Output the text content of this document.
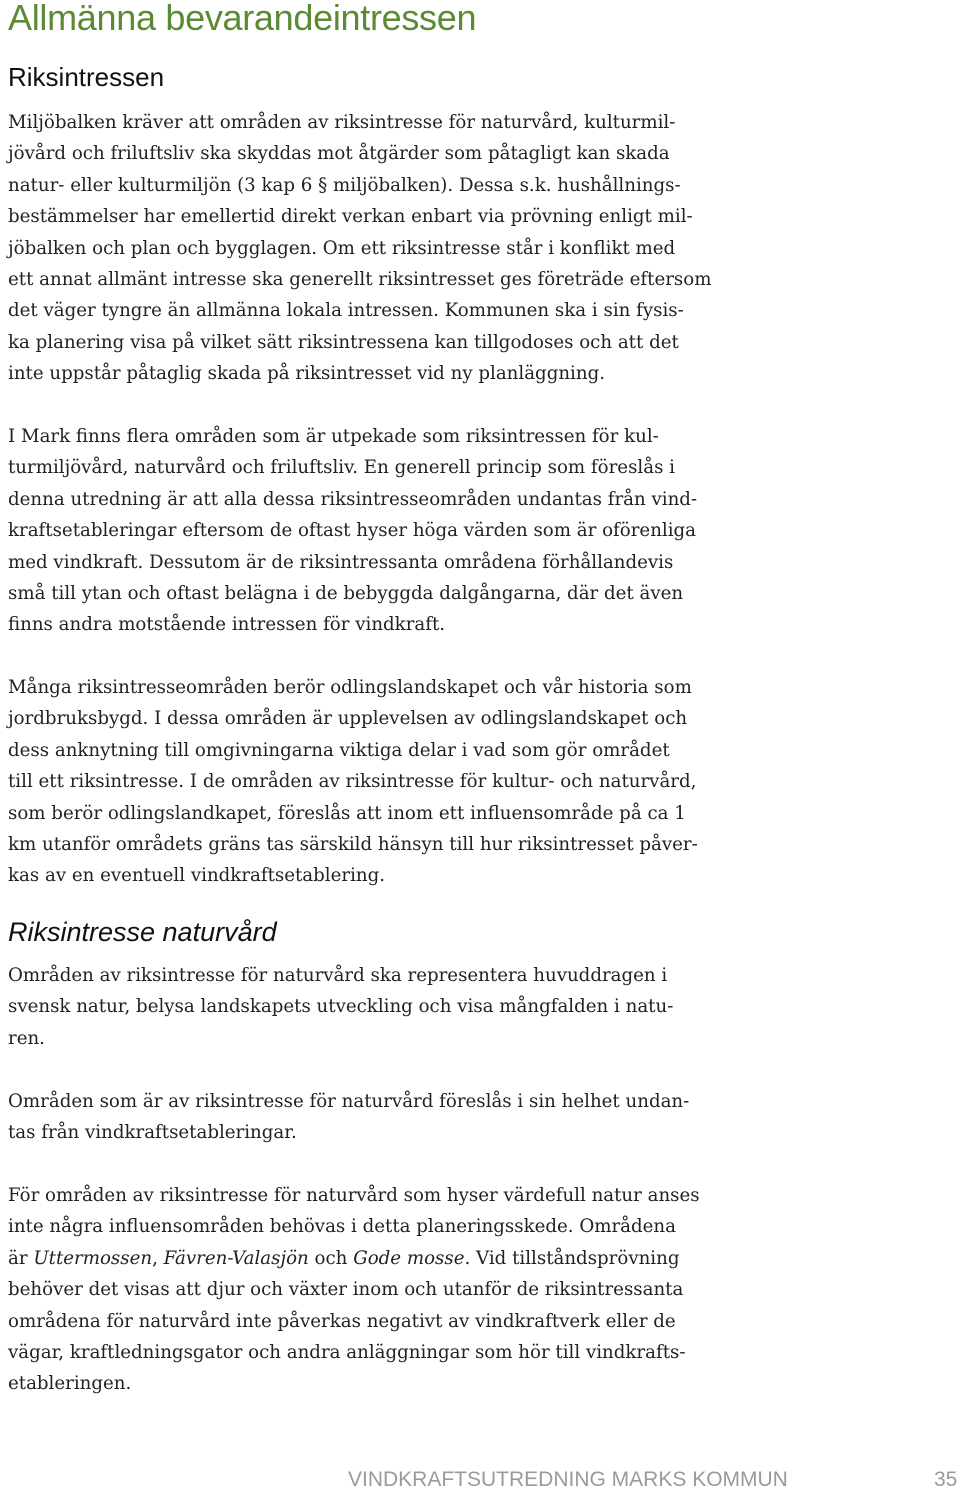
Allmänna bevarandeintressen
Riksintressen

Miljöbalken kräver att områden av riksintresse för naturvård, kulturmil-
jövård och friluftsliv ska skyddas mot åtgärder som påtagligt kan skada
natur- eller kulturmiljön (3 kap 6 § miljöbalken). Dessa s.k. hushållnings-
bestämmelser har emellertid direkt verkan enbart via prövning enligt mil-
jöbalken och plan och bygglagen. Om ett riksintresse står i konflikt med
ett annat allmänt intresse ska generellt riksintresset ges företräde eftersom
det väger tyngre än allmänna lokala intressen. Kommunen ska i sin fysis-
ka planering visa på vilket sätt riksintressena kan tillgodoses och att det
inte uppstår påtaglig skada på riksintresset vid ny planläggning.

I Mark finns flera områden som är utpekade som riksintressen för kul-
turmiljövård, naturvård och friluftsliv. En generell princip som föreslås i
denna utredning är att alla dessa riksintresseområden undantas från vind-
kraftsetableringar eftersom de oftast hyser höga värden som är oförenliga
med vindkraft. Dessutom är de riksintressanta områdena förhållandevis
små till ytan och oftast belägna i de bebyggda dalgångarna, där det även
finns andra motstående intressen för vindkraft.

Många riksintresseområden berör odlingslandskapet och vår historia som
jordbruksbygd. I dessa områden är upplevelsen av odlingslandskapet och
dess anknytning till omgivningarna viktiga delar i vad som gör området
till ett riksintresse. I de områden av riksintresse för kultur- och naturvård,
som berör odlingslandkapet, föreslås att inom ett influensområde på ca 1
km utanför områdets gräns tas särskild hänsyn till hur riksintresset påver-
kas av en eventuell vindkraftsetablering.

Riksintresse naturvård

Områden av riksintresse för naturvård ska representera huvuddragen i
svensk natur, belysa landskapets utveckling och visa mångfalden i natu-
ren.

Områden som är av riksintresse för naturvård föreslås i sin helhet undan-
tas från vindkraftsetableringar.

För områden av riksintresse för naturvård som hyser värdefull natur anses
inte några influensområden behövas i detta planeringsskede. Områdena
är Uttermossen, Fävren-Valasjön och Gode mosse. Vid tillståndsprövning
behöver det visas att djur och växter inom och utanför de riksintressanta
områdena för naturvård inte påverkas negativt av vindkraftverk eller de
vägar, kraftledningsgator och andra anläggningar som hör till vindkrafts-
etableringen.

VINDKRAFTSUTREDNING MARKS KOMMUN	35
